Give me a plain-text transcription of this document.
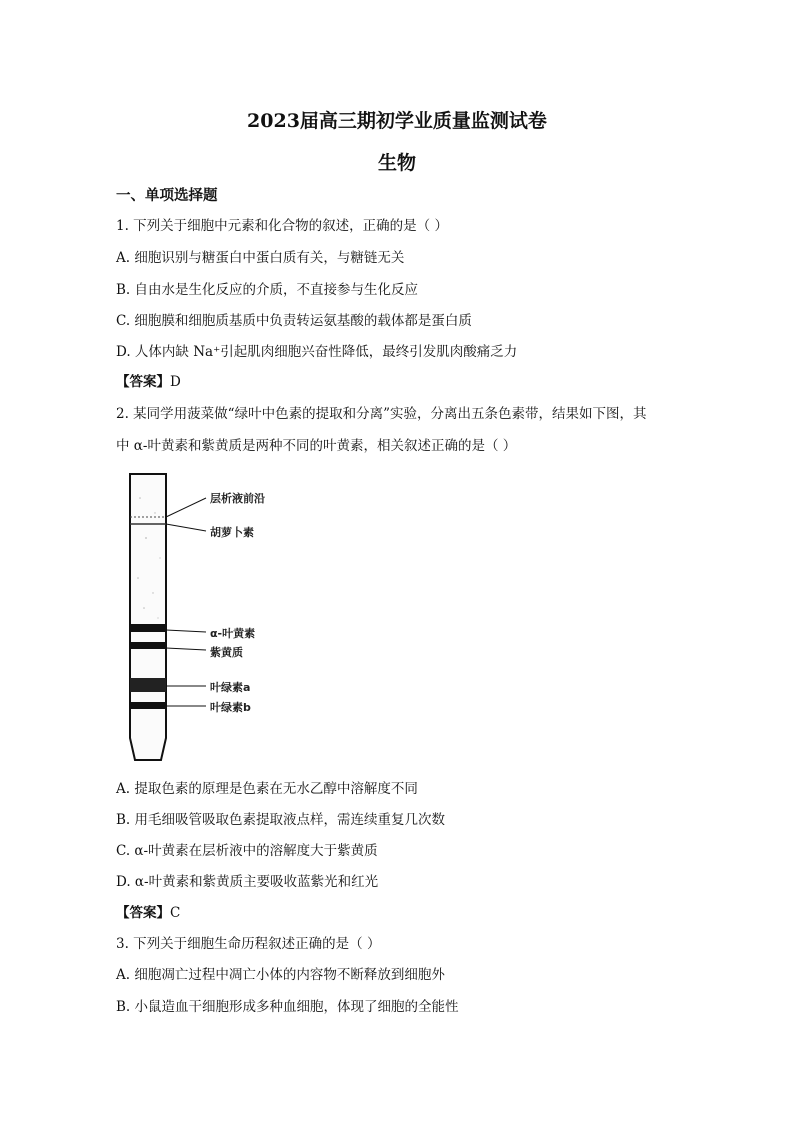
2023届高三期初学业质量监测试卷
生物
一、单项选择题
1. 下列关于细胞中元素和化合物的叙述，正确的是（ ）
A. 细胞识别与糖蛋白中蛋白质有关，与糖链无关
B. 自由水是生化反应的介质，不直接参与生化反应
C. 细胞膜和细胞质基质中负责转运氨基酸的载体都是蛋白质
D. 人体内缺 Na⁺引起肌肉细胞兴奋性降低，最终引发肌肉酸痛乏力
【答案】D
2. 某同学用菠菜做“绿叶中色素的提取和分离”实验，分离出五条色素带，结果如下图，其
中 α-叶黄素和紫黄质是两种不同的叶黄素，相关叙述正确的是（ ）
层析液前沿
胡萝卜素
α-叶黄素
紫黄质
叶绿素a
叶绿素b
A. 提取色素的原理是色素在无水乙醇中溶解度不同
B. 用毛细吸管吸取色素提取液点样，需连续重复几次数
C. α-叶黄素在层析液中的溶解度大于紫黄质
D. α-叶黄素和紫黄质主要吸收蓝紫光和红光
【答案】C
3. 下列关于细胞生命历程叙述正确的是（ ）
A. 细胞凋亡过程中凋亡小体的内容物不断释放到细胞外
B. 小鼠造血干细胞形成多种血细胞，体现了细胞的全能性
